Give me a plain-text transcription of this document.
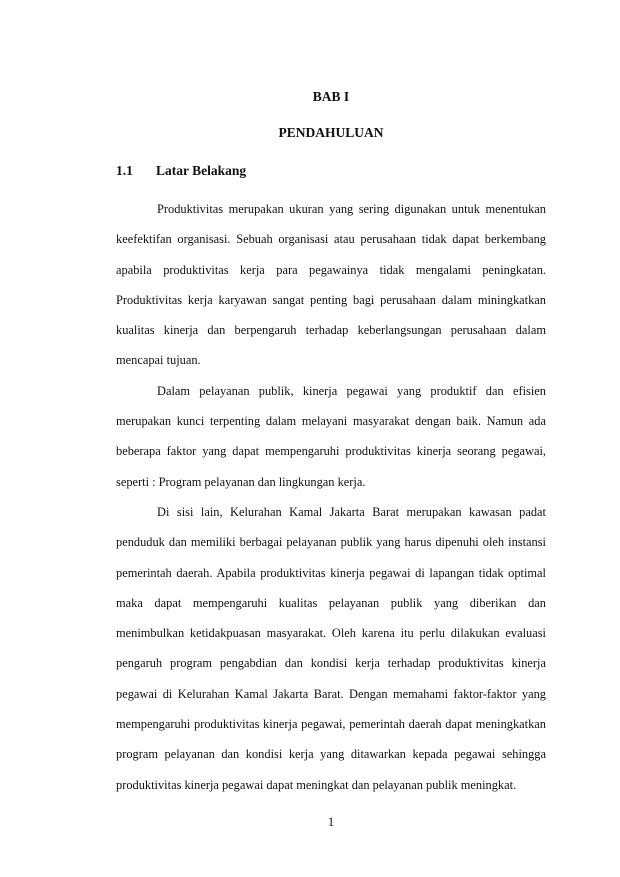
BAB I
PENDAHULUAN
1.1 Latar Belakang

Produktivitas merupakan ukuran yang sering digunakan untuk menentukan keefektifan organisasi. Sebuah organisasi atau perusahaan tidak dapat berkembang apabila produktivitas kerja para pegawainya tidak mengalami peningkatan. Produktivitas kerja karyawan sangat penting bagi perusahaan dalam miningkatkan kualitas kinerja dan berpengaruh terhadap keberlangsungan perusahaan dalam mencapai tujuan.

Dalam pelayanan publik, kinerja pegawai yang produktif dan efisien merupakan kunci terpenting dalam melayani masyarakat dengan baik. Namun ada beberapa faktor yang dapat mempengaruhi produktivitas kinerja seorang pegawai, seperti : Program pelayanan dan lingkungan kerja.

Di sisi lain, Kelurahan Kamal Jakarta Barat merupakan kawasan padat penduduk dan memiliki berbagai pelayanan publik yang harus dipenuhi oleh instansi pemerintah daerah. Apabila produktivitas kinerja pegawai di lapangan tidak optimal maka dapat mempengaruhi kualitas pelayanan publik yang diberikan dan menimbulkan ketidakpuasan masyarakat. Oleh karena itu perlu dilakukan evaluasi pengaruh program pengabdian dan kondisi kerja terhadap produktivitas kinerja pegawai di Kelurahan Kamal Jakarta Barat. Dengan memahami faktor-faktor yang mempengaruhi produktivitas kinerja pegawai, pemerintah daerah dapat meningkatkan program pelayanan dan kondisi kerja yang ditawarkan kepada pegawai sehingga produktivitas kinerja pegawai dapat meningkat dan pelayanan publik meningkat.

1
